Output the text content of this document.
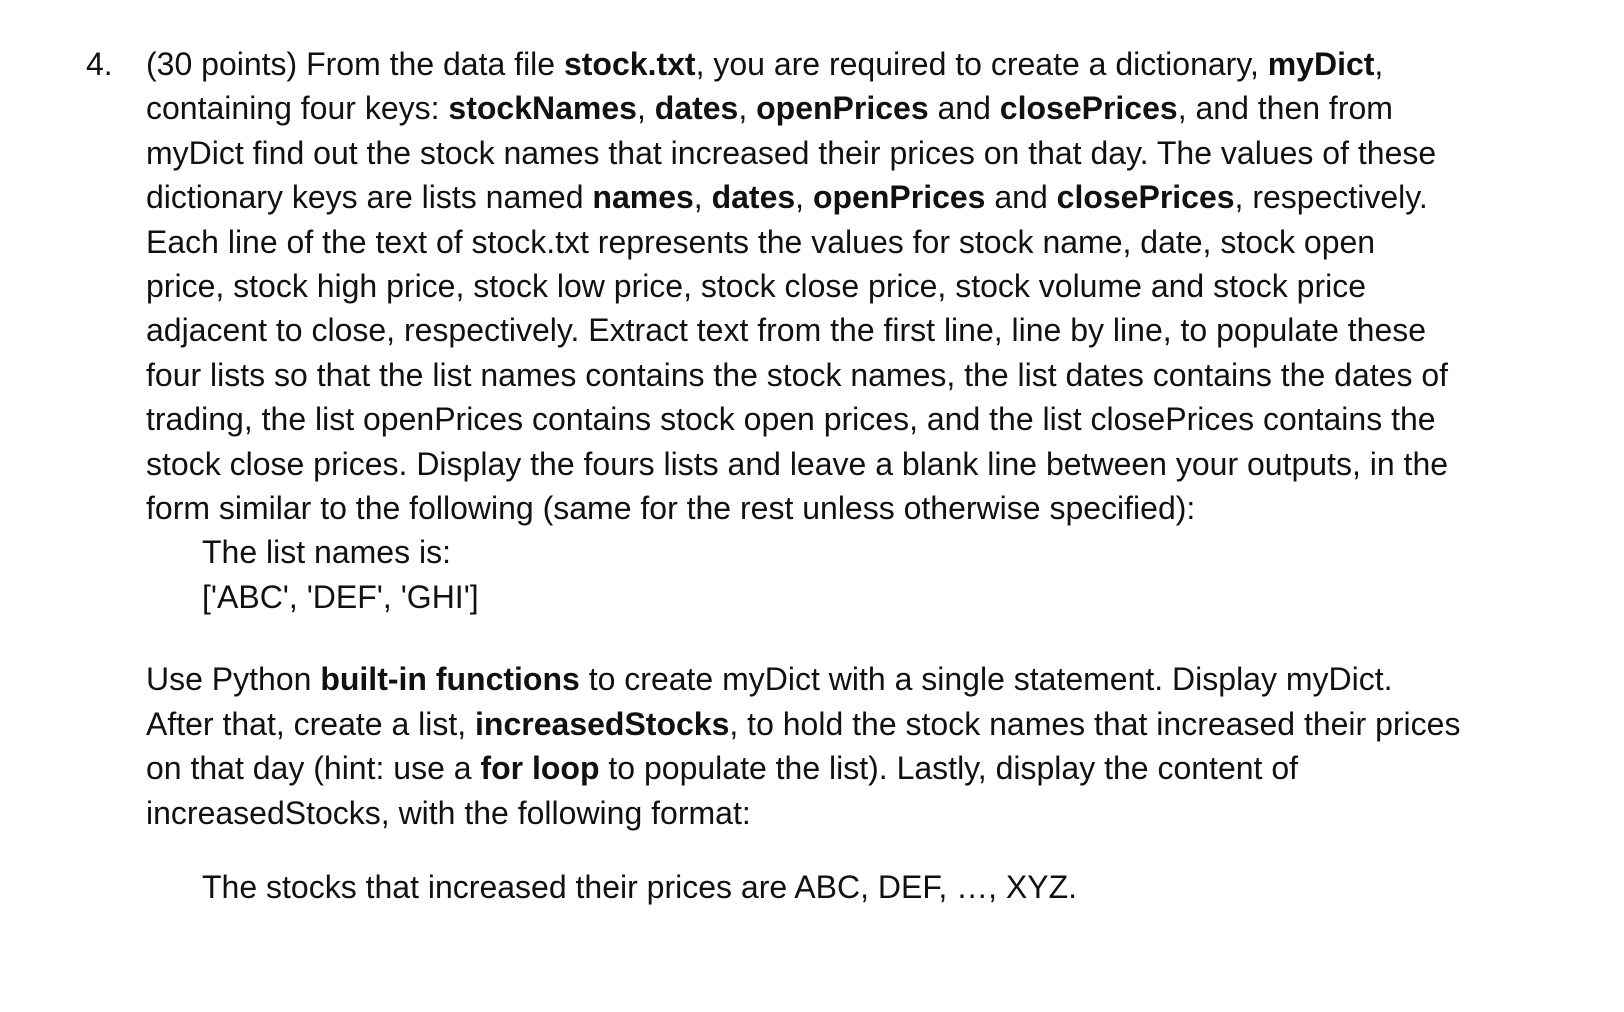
4. (30 points) From the data file stock.txt, you are required to create a dictionary, myDict,
containing four keys: stockNames, dates, openPrices and closePrices, and then from
myDict find out the stock names that increased their prices on that day. The values of these
dictionary keys are lists named names, dates, openPrices and closePrices, respectively.
Each line of the text of stock.txt represents the values for stock name, date, stock open
price, stock high price, stock low price, stock close price, stock volume and stock price
adjacent to close, respectively. Extract text from the first line, line by line, to populate these
four lists so that the list names contains the stock names, the list dates contains the dates of
trading, the list openPrices contains stock open prices, and the list closePrices contains the
stock close prices. Display the fours lists and leave a blank line between your outputs, in the
form similar to the following (same for the rest unless otherwise specified):
The list names is:
['ABC', 'DEF', 'GHI']
Use Python built-in functions to create myDict with a single statement. Display myDict.
After that, create a list, increasedStocks, to hold the stock names that increased their prices
on that day (hint: use a for loop to populate the list). Lastly, display the content of
increasedStocks, with the following format:
The stocks that increased their prices are ABC, DEF, …, XYZ.
